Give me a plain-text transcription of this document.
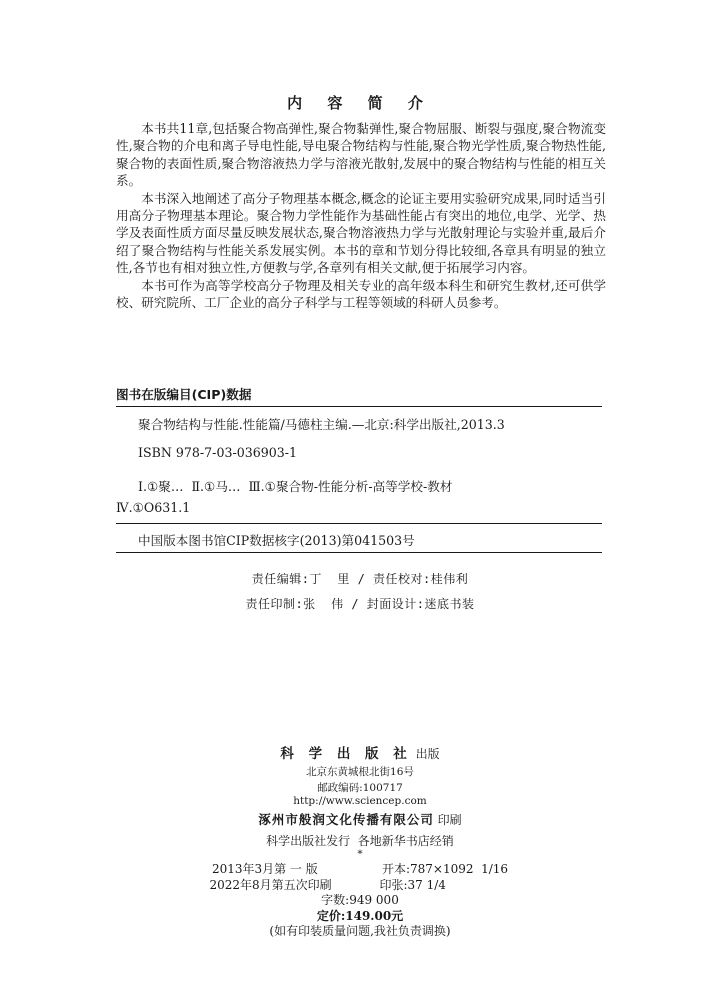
内 容 简 介

本书共11章,包括聚合物高弹性,聚合物黏弹性,聚合物屈服、断裂与强度,聚合物流变性,聚合物的介电和离子导电性能,导电聚合物结构与性能,聚合物光学性质,聚合物热性能,聚合物的表面性质,聚合物溶液热力学与溶液光散射,发展中的聚合物结构与性能的相互关系。

本书深入地阐述了高分子物理基本概念,概念的论证主要用实验研究成果,同时适当引用高分子物理基本理论。聚合物力学性能作为基础性能占有突出的地位,电学、光学、热学及表面性质方面尽量反映发展状态,聚合物溶液热力学与光散射理论与实验并重,最后介绍了聚合物结构与性能关系发展实例。本书的章和节划分得比较细,各章具有明显的独立性,各节也有相对独立性,方便教与学,各章列有相关文献,便于拓展学习内容。

本书可作为高等学校高分子物理及相关专业的高年级本科生和研究生教材,还可供学校、研究院所、工厂企业的高分子科学与工程等领域的科研人员参考。

图书在版编目(CIP)数据
聚合物结构与性能.性能篇/马德柱主编.—北京:科学出版社,2013.3
ISBN 978-7-03-036903-1
Ⅰ.①聚…  Ⅱ.①马…  Ⅲ.①聚合物-性能分析-高等学校-教材
Ⅳ.①O631.1
中国版本图书馆CIP数据核字(2013)第041503号
责任编辑:丁  里 / 责任校对:桂伟利
责任印制:张  伟 / 封面设计:迷底书装
科 学 出 版 社 出版
北京东黄城根北街16号
邮政编码:100717
http://www.sciencep.com
涿州市般润文化传播有限公司 印刷
科学出版社发行  各地新华书店经销
*
2013年3月第 一 版	开本:787×1092  1/16
2022年8月第五次印刷	印张:37 1/4
字数:949 000
定价:149.00元
(如有印装质量问题,我社负责调换)
